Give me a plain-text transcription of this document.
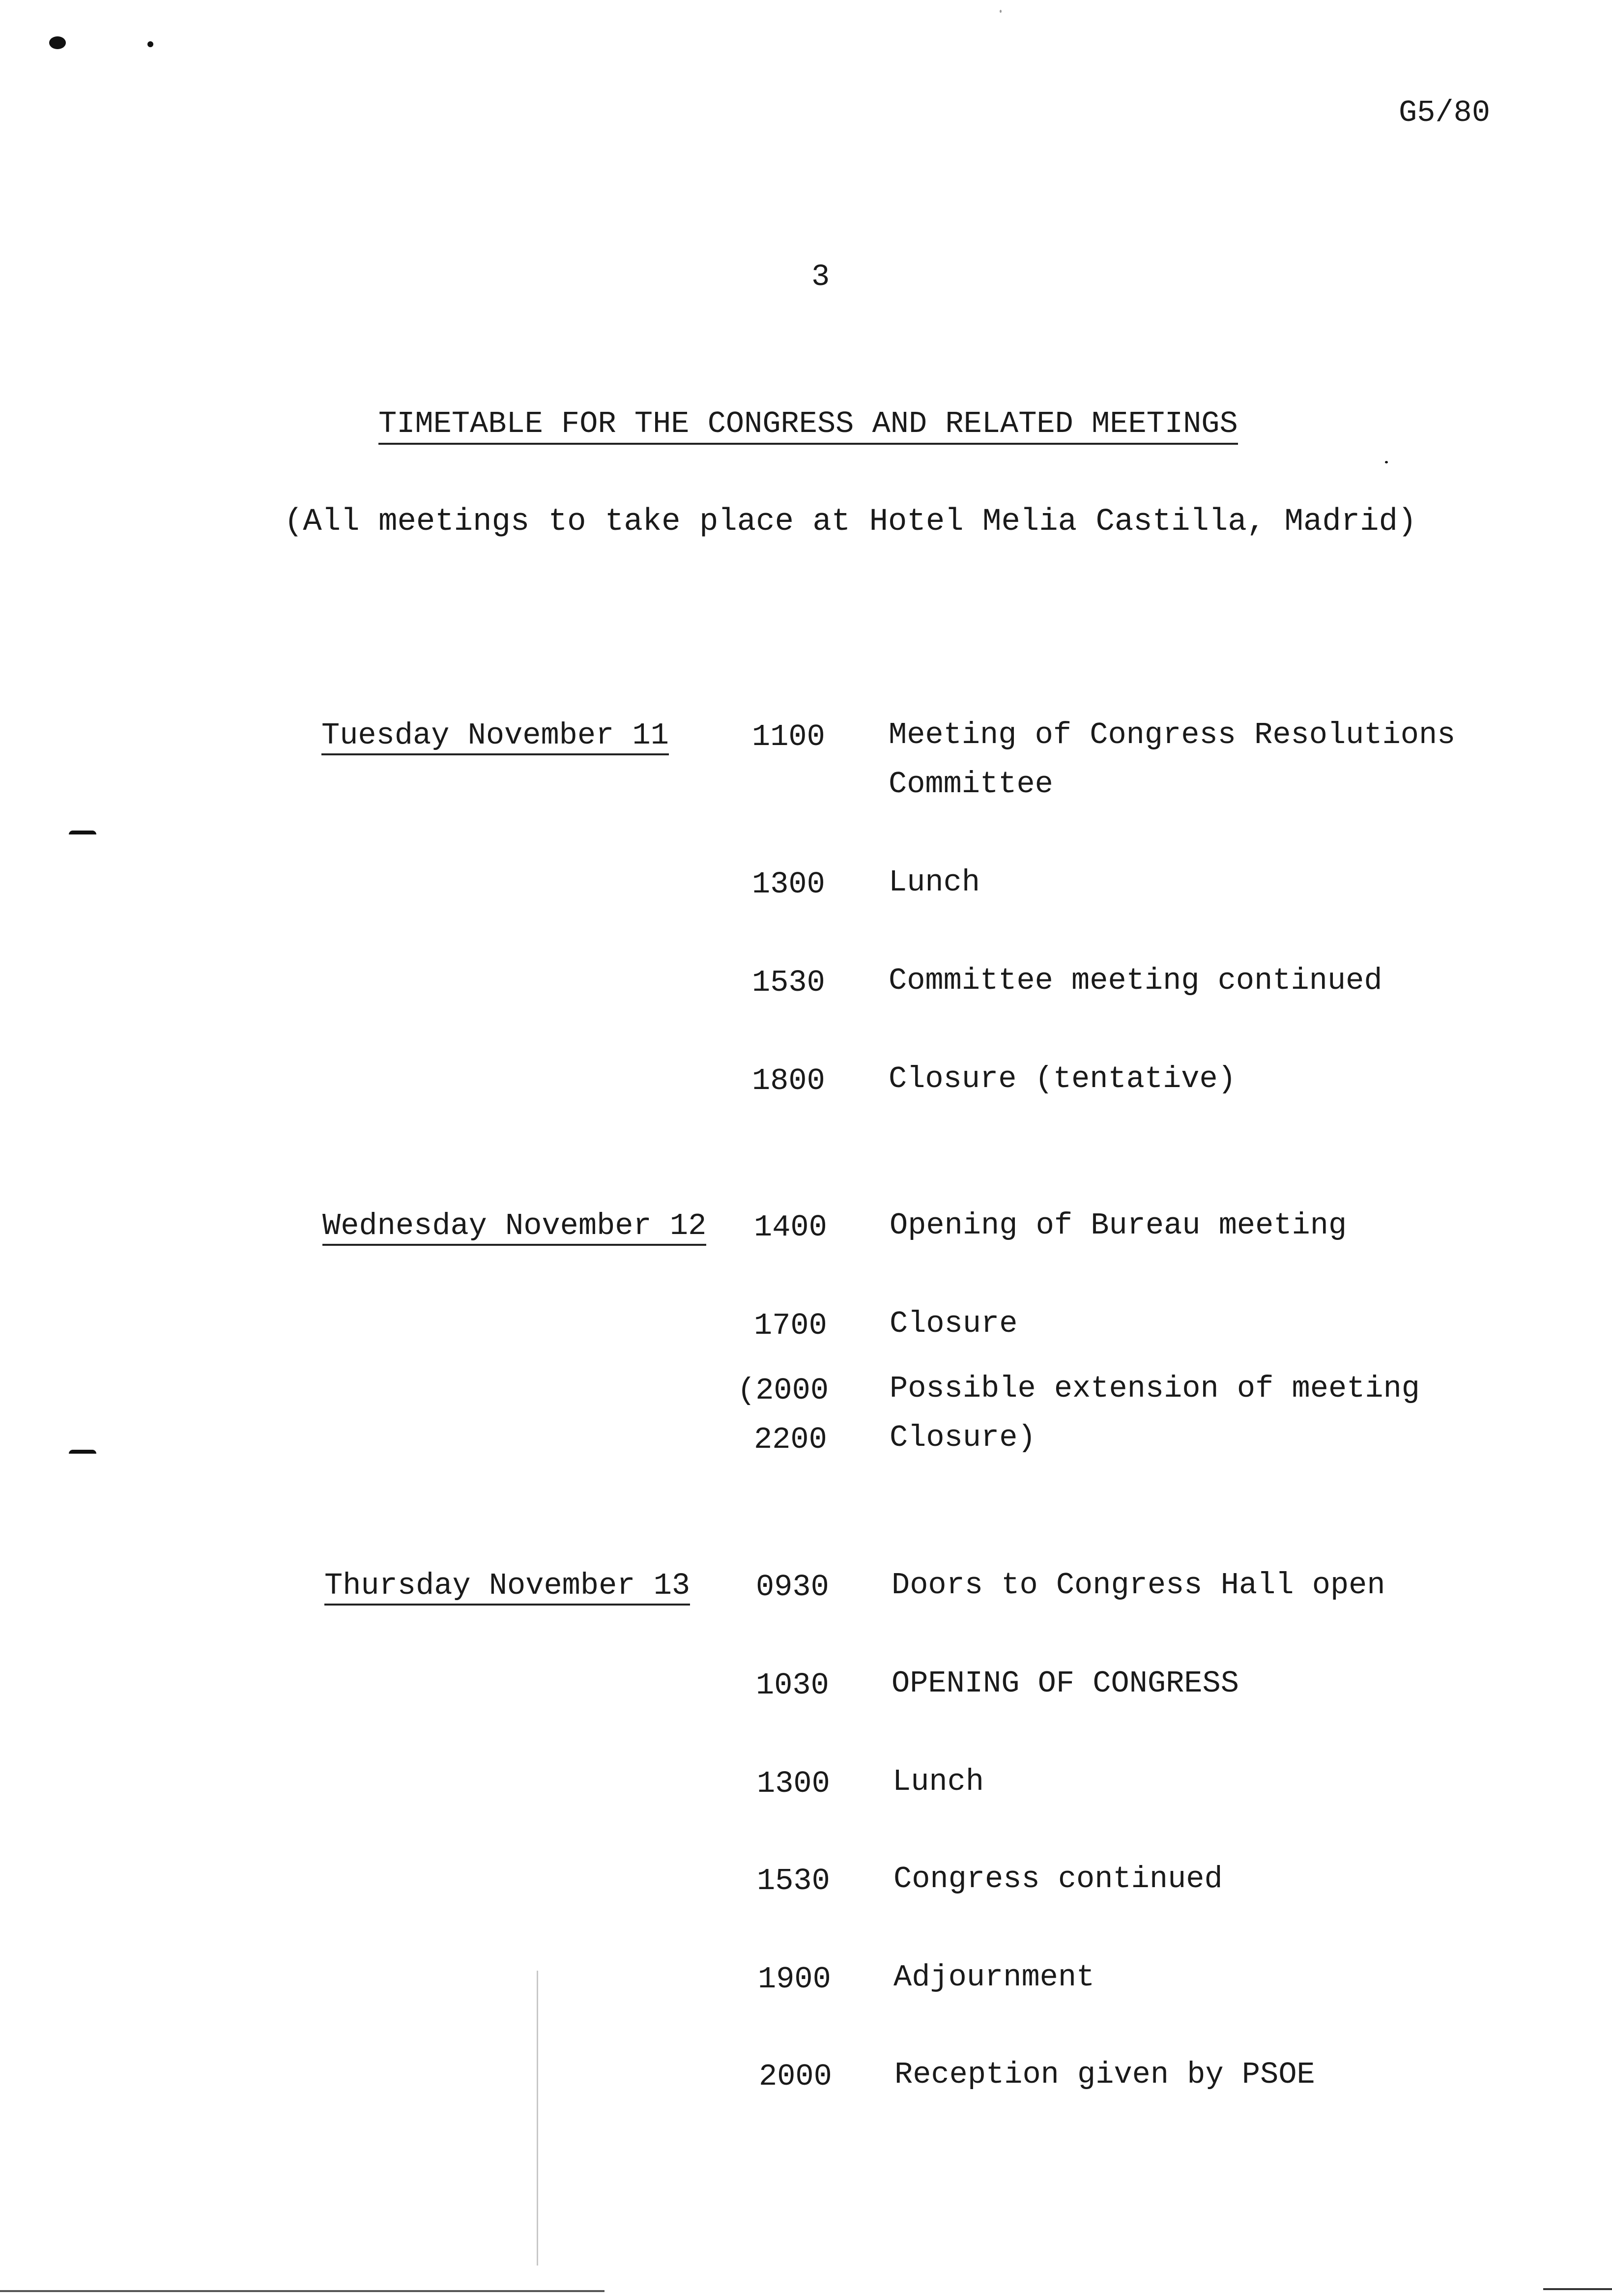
G5/80
3
TIMETABLE FOR THE CONGRESS AND RELATED MEETINGS
(All meetings to take place at Hotel Melia Castilla, Madrid)
Tuesday November 11	1100 Meeting of Congress Resolutions
Committee
1300 Lunch
1530 Committee meeting continued
1800 Closure (tentative)
Wednesday November 12 1400 Opening of Bureau meeting
1700 Closure
(2000 Possible extension of meeting
2200 Closure)
Thursday November 13 0930 Doors to Congress Hall open
1030 OPENING OF CONGRESS
1300 Lunch
1530 Congress continued
1900 Adjournment
2000 Reception given by PSOE
